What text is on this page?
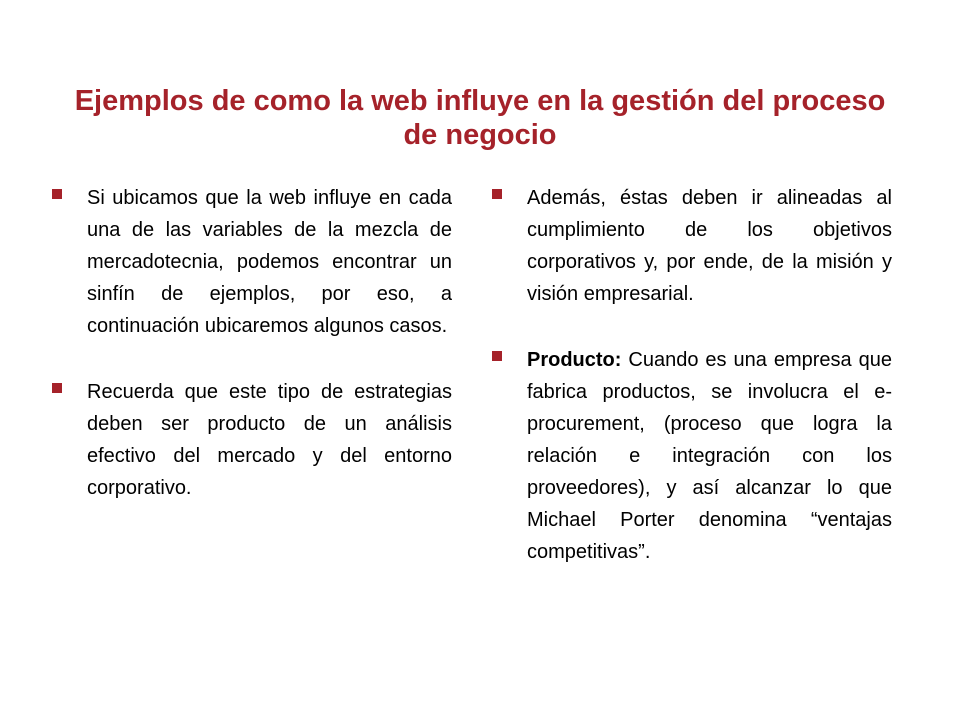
Ejemplos de como la web influye en la gestión del proceso de negocio
Si ubicamos que la web influye en cada una de las variables de la mezcla de mercadotecnia, podemos encontrar un sinfín de ejemplos, por eso, a continuación ubicaremos algunos casos.
Recuerda que este tipo de estrategias deben ser producto de un análisis efectivo del mercado y del entorno corporativo.
Además, éstas deben ir alineadas al cumplimiento de los objetivos corporativos y, por ende, de la misión y visión empresarial.
Producto: Cuando es una empresa que fabrica productos, se involucra el e-procurement, (proceso que logra la relación e integración con los proveedores), y así alcanzar lo que Michael Porter denomina “ventajas competitivas”.
